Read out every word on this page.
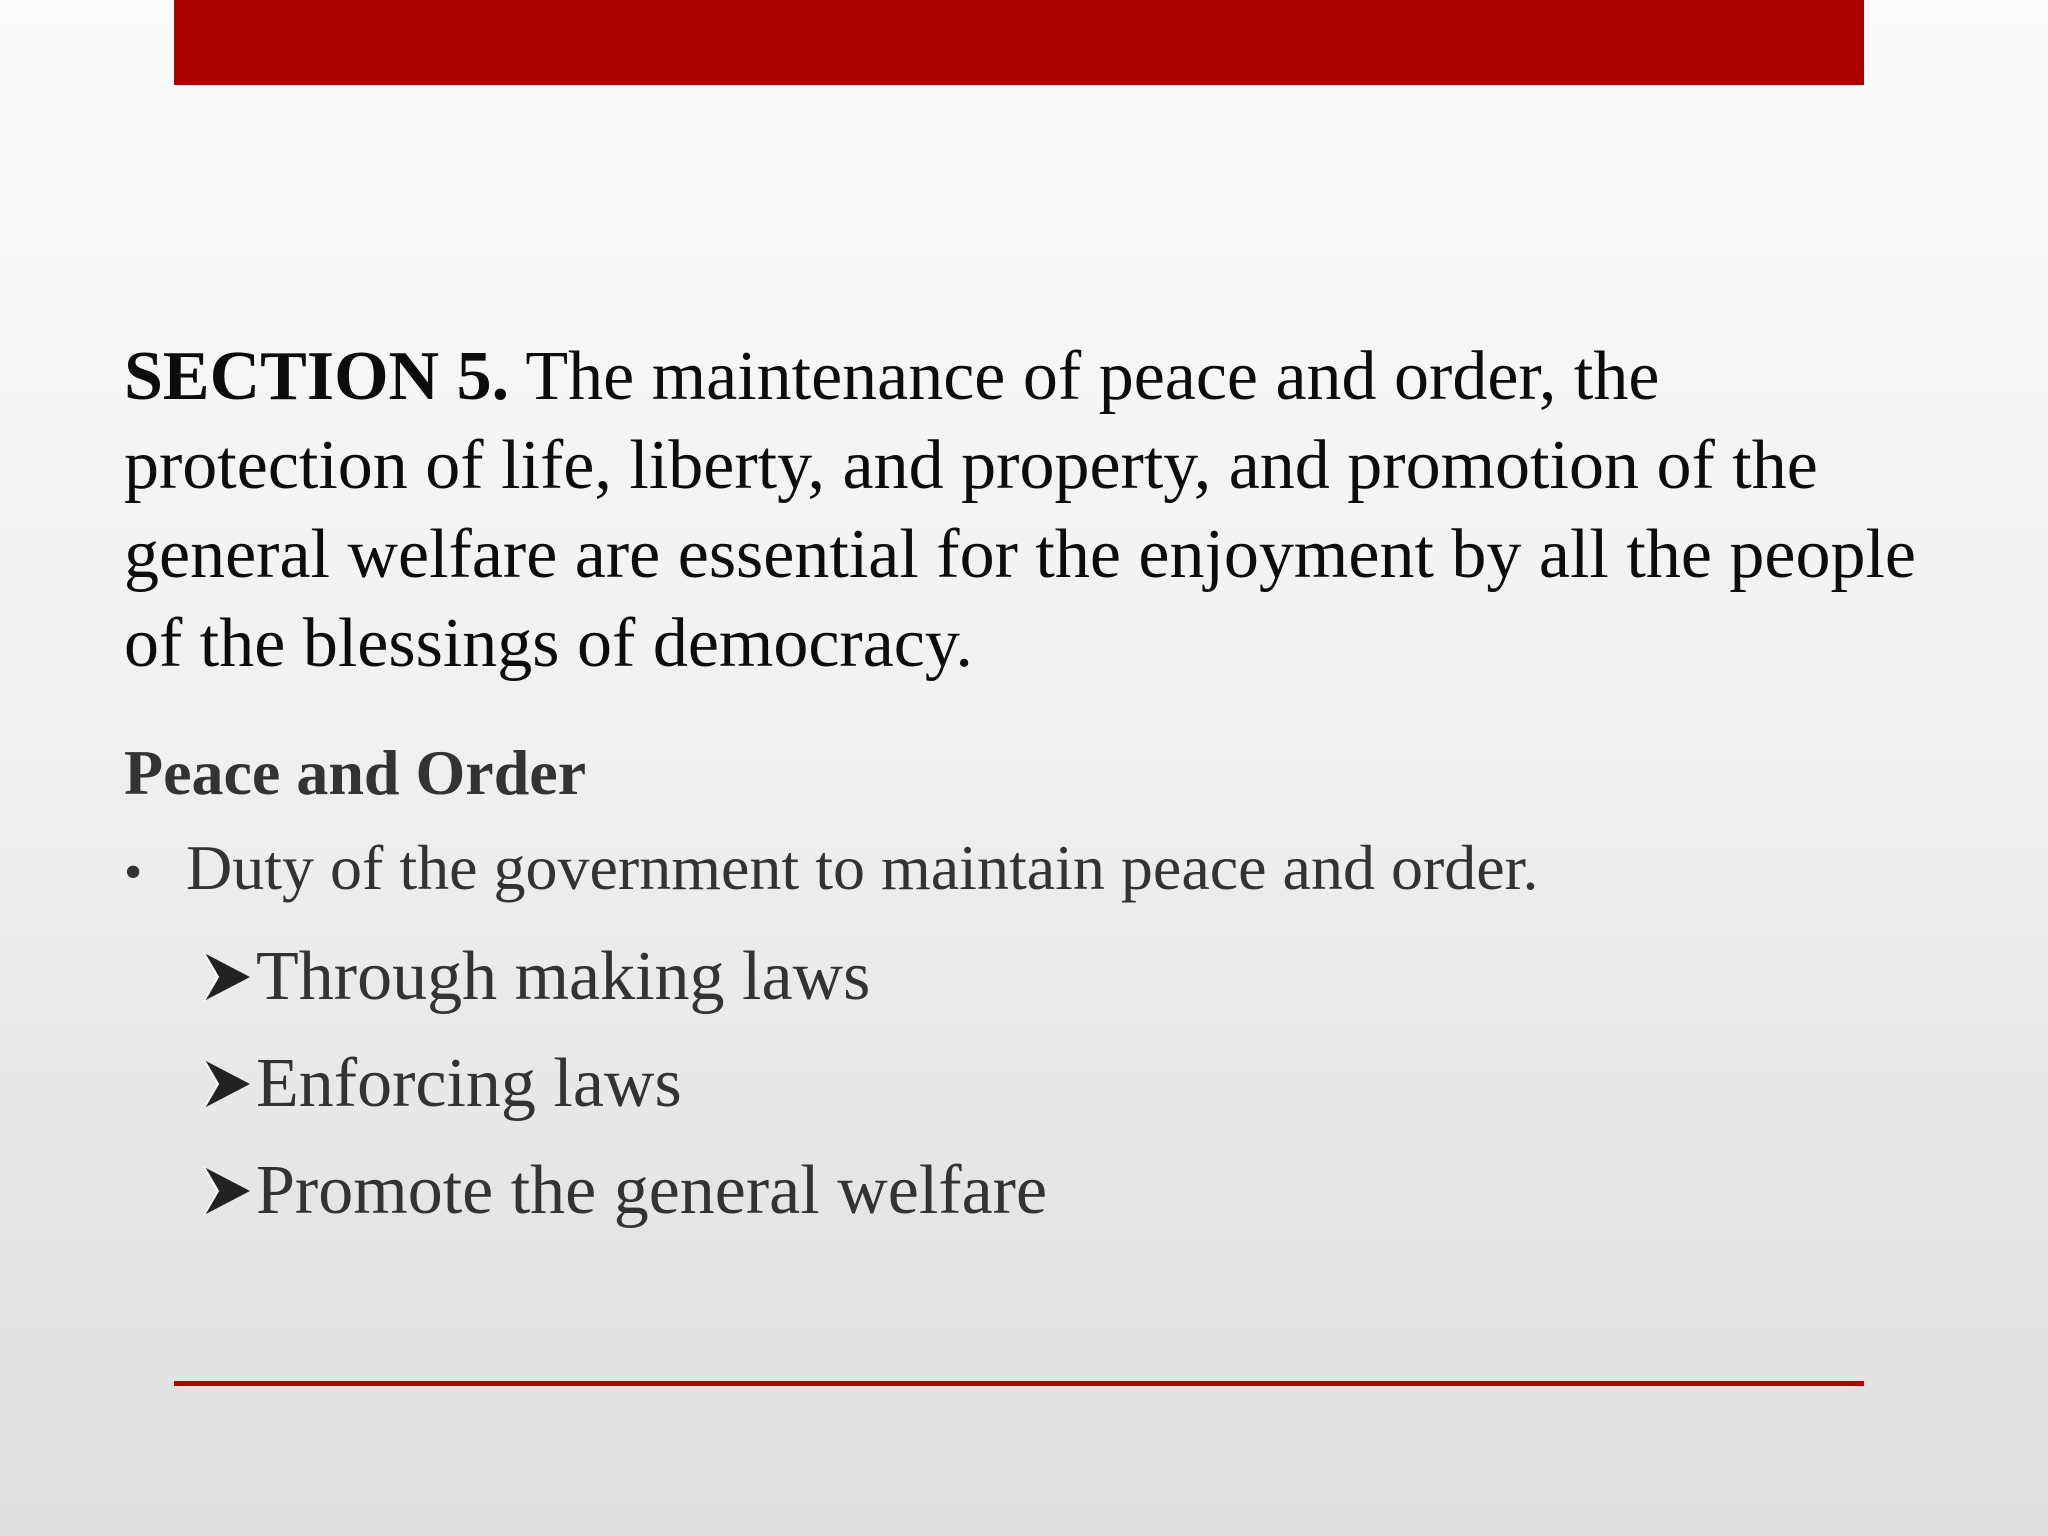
SECTION 5. The maintenance of peace and order, the protection of life, liberty, and property, and promotion of the general welfare are essential for the enjoyment by all the people of the blessings of democracy.

Peace and Order
• Duty of the government to maintain peace and order.
Through making laws
Enforcing laws
Promote the general welfare
